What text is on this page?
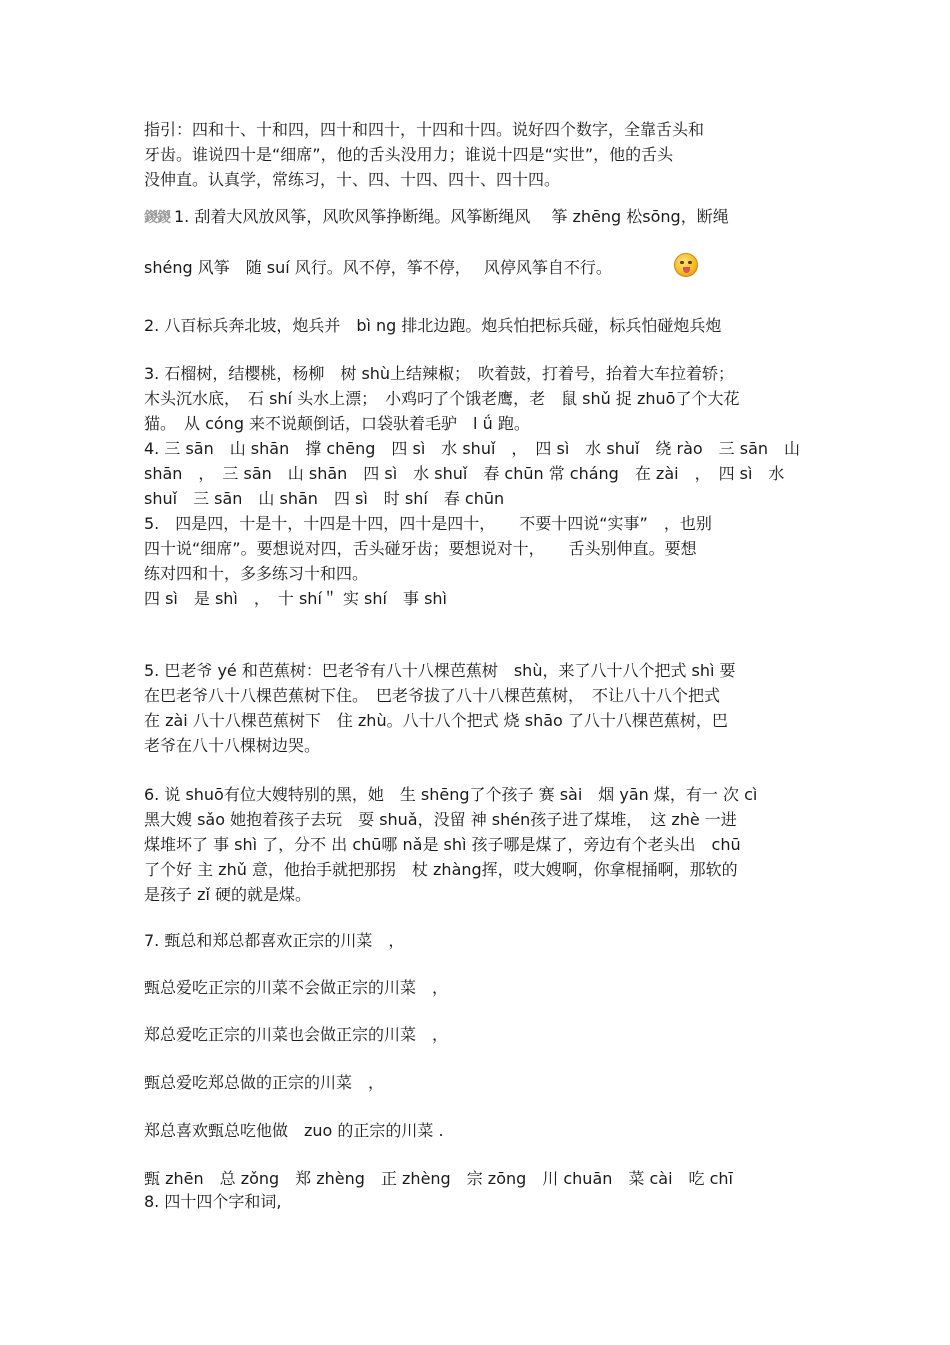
指引：四和十、十和四，四十和四十，十四和十四。说好四个数字，全靠舌头和

牙齿。谁说四十是“细席”，他的舌头没用力；谁说十四是“实世”，他的舌头

没伸直。认真学，常练习，十、四、十四、四十、四十四。

鍐鍐 1. 刮着大风放风筝，风吹风筝挣断绳。风筝断绳风　 筝 zhēng 松sōng，断绳

shéng 风筝　随 suí 风行。风不停，筝不停，　 风停风筝自不行。

2. 八百标兵奔北坡，炮兵并　bì ng 排北边跑。炮兵怕把标兵碰，标兵怕碰炮兵炮

3. 石榴树，结樱桃，杨柳　树 shù上结辣椒；　吹着鼓，打着号，抬着大车拉着轿；

木头沉水底，　石 shí 头水上漂；　小鸡叼了个饿老鹰，老　鼠 shǔ 捉 zhuō了个大花

猫。　从 cóng 来不说颠倒话，口袋驮着毛驴　l ǘ 跑。

4. 三 sān　山 shān　撑 chēng　四 sì　水 shuǐ　，　四 sì　水 shuǐ　绕 rào　三 sān　山

shān　，　三 sān　山 shān　四 sì　水 shuǐ　春 chūn 常 cháng　在 zài　，　四 sì　水

shuǐ　三 sān　山 shān　四 sì　时 shí　春 chūn

5.　四是四，十是十，十四是十四，四十是四十，　　不要十四说“实事”　，也别

四十说“细席”。要想说对四，舌头碰牙齿；要想说对十，　　舌头别伸直。要想

练对四和十，多多练习十和四。

四 sì　是 shì　，　十 shí＂ 实 shí　事 shì

5. 巴老爷 yé 和芭蕉树：巴老爷有八十八棵芭蕉树　shù，来了八十八个把式 shì 要

在巴老爷八十八棵芭蕉树下住。　巴老爷拔了八十八棵芭蕉树，　不让八十八个把式

在 zài 八十八棵芭蕉树下　住 zhù。八十八个把式 烧 shāo 了八十八棵芭蕉树，巴

老爷在八十八棵树边哭。

6. 说 shuō有位大嫂特别的黑，她　生 shēng了个孩子 赛 sài　烟 yān 煤，有一 次 cì

黑大嫂 sǎo 她抱着孩子去玩　耍 shuǎ，没留 神 shén孩子进了煤堆，　这 zhè 一进

煤堆坏了 事 shì 了，分不 出 chū哪 nǎ是 shì 孩子哪是煤了，旁边有个老头出　chū

了个好 主 zhǔ 意，他抬手就把那拐　杖 zhàng挥，哎大嫂啊，你拿棍捅啊，那软的

是孩子 zǐ 硬的就是煤。

7. 甄总和郑总都喜欢正宗的川菜　，

甄总爱吃正宗的川菜不会做正宗的川菜　，

郑总爱吃正宗的川菜也会做正宗的川菜　，

甄总爱吃郑总做的正宗的川菜　，

郑总喜欢甄总吃他做　zuo 的正宗的川菜 .

甄 zhēn　总 zǒng　郑 zhèng　正 zhèng　宗 zōng　川 chuān　菜 cài　吃 chī

8. 四十四个字和词,
